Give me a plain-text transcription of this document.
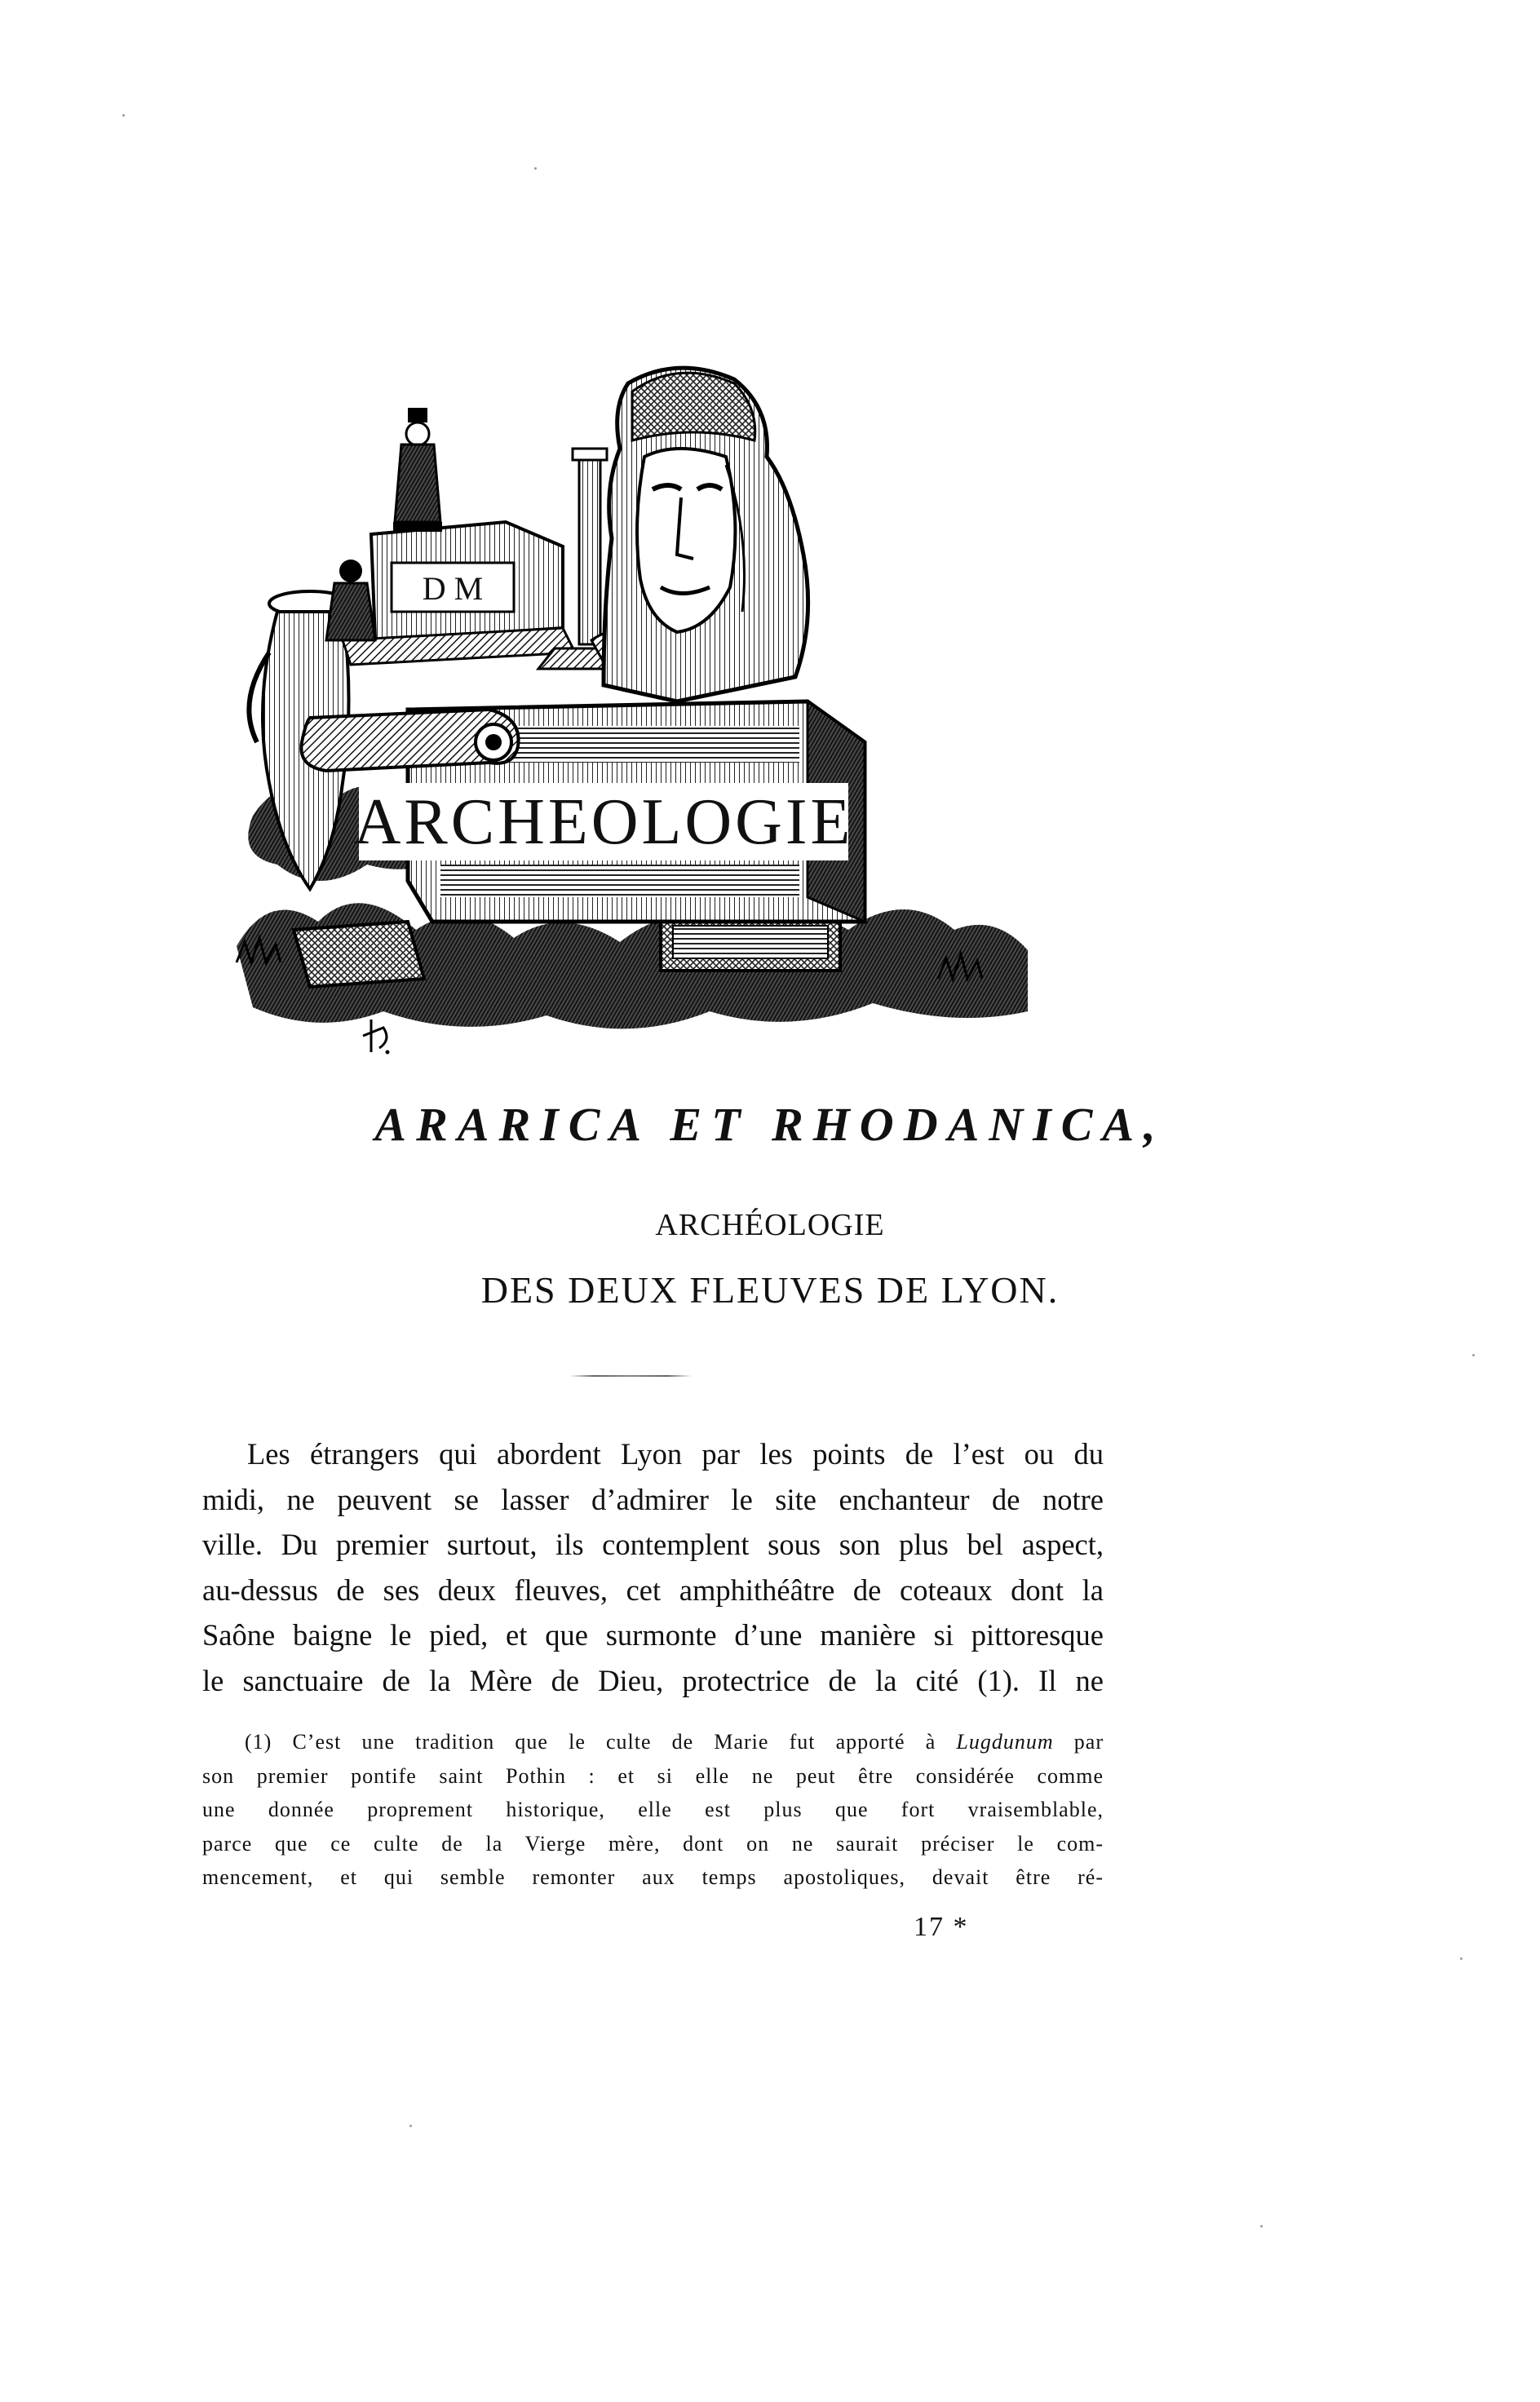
ARCHEOLOGIE
D M
ARARICA ET RHODANICA,
ARCHÉOLOGIE
DES DEUX FLEUVES DE LYON.
Les étrangers qui abordent Lyon par les points de l’est ou du
midi, ne peuvent se lasser d’admirer le site enchanteur de notre
ville. Du premier surtout, ils contemplent sous son plus bel aspect,
au-dessus de ses deux fleuves, cet amphithéâtre de coteaux dont la
Saône baigne le pied, et que surmonte d’une manière si pittoresque
le sanctuaire de la Mère de Dieu, protectrice de la cité (1). Il ne
(1) C’est une tradition que le culte de Marie fut apporté à Lugdunum par
son premier pontife saint Pothin : et si elle ne peut être considérée comme
une donnée proprement historique, elle est plus que fort vraisemblable,
parce que ce culte de la Vierge mère, dont on ne saurait préciser le com-
mencement, et qui semble remonter aux temps apostoliques, devait être ré-
17 *
